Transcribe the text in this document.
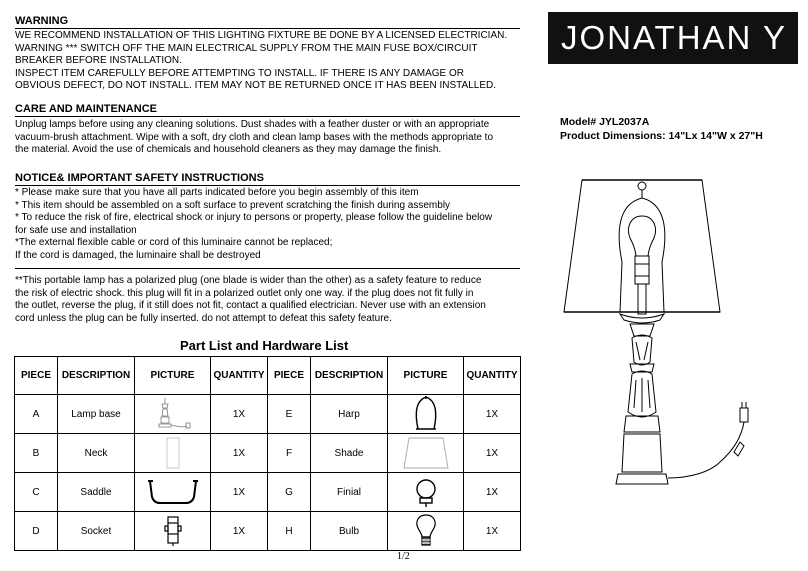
WARNING

WE RECOMMEND INSTALLATION OF THIS LIGHTING FIXTURE BE DONE BY A LICENSED ELECTRICIAN.

WARNING *** SWITCH OFF THE MAIN ELECTRICAL SUPPLY FROM THE MAIN FUSE BOX/CIRCUIT

BREAKER BEFORE INSTALLATION.

INSPECT ITEM CAREFULLY BEFORE ATTEMPTING TO INSTALL. IF THERE IS ANY DAMAGE OR

OBVIOUS DEFECT, DO NOT INSTALL. ITEM MAY NOT BE RETURNED ONCE IT HAS BEEN INSTALLED.

CARE AND MAINTENANCE

Unplug lamps before using any cleaning solutions. Dust shades with a feather duster or with an appropriate

vacuum-brush attachment. Wipe with a soft, dry cloth and clean lamp bases with the methods appropriate to

the material. Avoid the use of chemicals and household cleaners as they may damage the finish.

NOTICE& IMPORTANT SAFETY INSTRUCTIONS

* Please make sure that you have all parts indicated before you begin assembly of this item

* This item should be assembled on a soft surface to prevent scratching the finish during assembly

* To reduce the risk of fire, electrical shock or injury to persons or property, please follow the guideline below

for safe use and installation

*The external flexible cable or cord of this luminaire cannot be replaced;

If the cord is damaged, the luminaire shall be destroyed

**This portable lamp has a polarized plug (one blade is wider than the other) as a safety feature to reduce

the risk of electric shock. this plug will fit in a polarized outlet only one way. if the plug does not fit fully in

the outlet, reverse the plug, if it still does not fit, contact a qualified electrician. Never use with an extension

cord unless the plug can be fully inserted. do not attempt to defeat this safety feature.

JONATHAN Y
Model# JYL2037A
Product Dimensions: 14"Lx 14"W x 27"H
Part List and Hardware List
PIECE	DESCRIPTION	PICTURE	QUANTITY	PIECE	DESCRIPTION	PICTURE	QUANTITY
A	Lamp base		1X	E	Harp		1X
B	Neck		1X	F	Shade		1X
C	Saddle		1X	G	Finial		1X
D	Socket		1X	H	Bulb		1X
1/2
